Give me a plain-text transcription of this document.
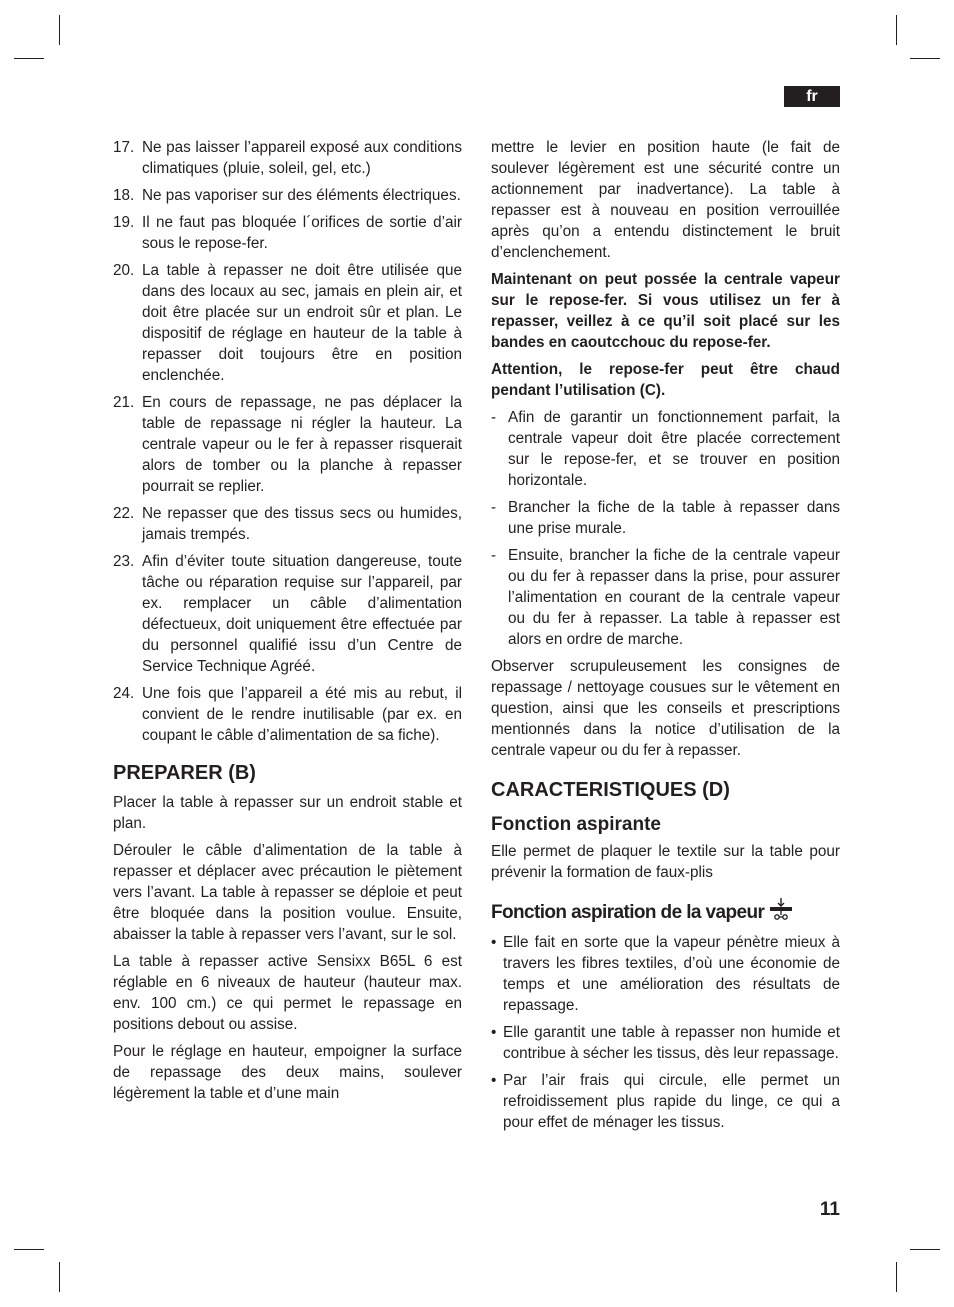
fr
17. Ne pas laisser l’appareil exposé aux conditions climatiques (pluie, soleil, gel, etc.)
18. Ne pas vaporiser sur des éléments électriques.
19. Il ne faut pas bloquée l´orifices de sortie d’air sous le repose-fer.
20. La table à repasser ne doit être utilisée que dans des locaux au sec, jamais en plein air, et doit être placée sur un endroit sûr et plan. Le dispositif de réglage en hauteur de la table à repasser doit toujours être en position enclenchée.
21. En cours de repassage, ne pas déplacer la table de repassage ni régler la hauteur. La centrale vapeur ou le fer à repasser risquerait alors de tomber ou la planche à repasser pourrait se replier.
22. Ne repasser que des tissus secs ou humides, jamais trempés.
23. Afin d’éviter toute situation dangereuse, toute tâche ou réparation requise sur l’appareil, par ex. remplacer un câble d’alimentation défectueux, doit uniquement être effectuée par du personnel qualifié issu d’un Centre de Service Technique Agréé.
24. Une fois que l’appareil a été mis au rebut, il convient de le rendre inutilisable (par ex. en coupant le câble d’alimentation de sa fiche).
PREPARER (B)

Placer la table à repasser sur un endroit stable et plan.

Dérouler le câble d’alimentation de la table à repasser et déplacer avec précaution le piètement vers l’avant. La table à repasser se déploie et peut être bloquée dans la position voulue. Ensuite, abaisser la table à repasser vers l’avant, sur le sol.

La table à repasser active Sensixx B65L 6 est réglable en 6 niveaux de hauteur (hauteur max. env. 100 cm.) ce qui permet le repassage en positions debout ou assise.

Pour le réglage en hauteur, empoigner la surface de repassage des deux mains, soulever légèrement la table et d’une main

mettre le levier en position haute (le fait de soulever légèrement est une sécurité contre un actionnement par inadvertance). La table à repasser est à nouveau en position verrouillée après qu’on a entendu distinctement le bruit d’enclenchement.

Maintenant on peut possée la centrale vapeur sur le repose-fer. Si vous utilisez un fer à repasser, veillez à ce qu’il soit placé sur les bandes en caoutcchouc du repose-fer.

Attention, le repose-fer peut être chaud pendant l’utilisation (C).

- Afin de garantir un fonctionnement parfait, la centrale vapeur doit être placée correctement sur le repose-fer, et se trouver en position horizontale.
- Brancher la fiche de la table à repasser dans une prise murale.
- Ensuite, brancher la fiche de la centrale vapeur ou du fer à repasser dans la prise, pour assurer l’alimentation en courant de la centrale vapeur ou du fer à repasser. La table à repasser est alors en ordre de marche.

Observer scrupuleusement les consignes de repassage / nettoyage cousues sur le vêtement en question, ainsi que les conseils et prescriptions mentionnés dans la notice d’utilisation de la centrale vapeur ou du fer à repasser.

CARACTERISTIQUES (D)
Fonction aspirante

Elle permet de plaquer le textile sur la table pour prévenir la formation de faux-plis

Fonction aspiration de la vapeur
• Elle fait en sorte que la vapeur pénètre mieux à travers les fibres textiles, d’où une économie de temps et une amélioration des résultats de repassage.
• Elle garantit une table à repasser non humide et contribue à sécher les tissus, dès leur repassage.
• Par l’air frais qui circule, elle permet un refroidissement plus rapide du linge, ce qui a pour effet de ménager les tissus.
11
